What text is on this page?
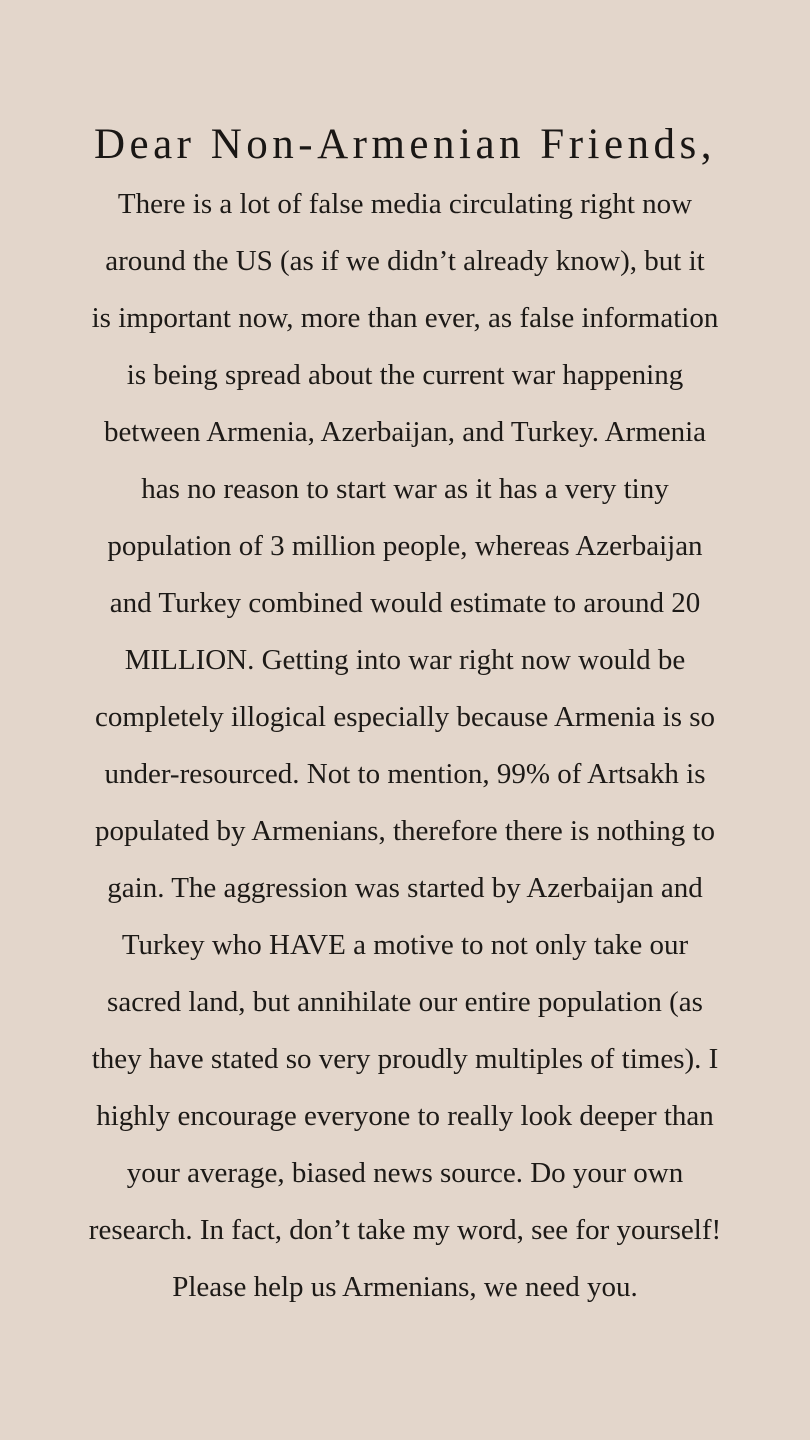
Dear Non-Armenian Friends,
There is a lot of false media circulating right now
around the US (as if we didn’t already know), but it
is important now, more than ever, as false information
is being spread about the current war happening
between Armenia, Azerbaijan, and Turkey. Armenia
has no reason to start war as it has a very tiny
population of 3 million people, whereas Azerbaijan
and Turkey combined would estimate to around 20
MILLION. Getting into war right now would be
completely illogical especially because Armenia is so
under-resourced. Not to mention, 99% of Artsakh is
populated by Armenians, therefore there is nothing to
gain. The aggression was started by Azerbaijan and
Turkey who HAVE a motive to not only take our
sacred land, but annihilate our entire population (as
they have stated so very proudly multiples of times). I
highly encourage everyone to really look deeper than
your average, biased news source. Do your own
research. In fact, don’t take my word, see for yourself!
Please help us Armenians, we need you.
